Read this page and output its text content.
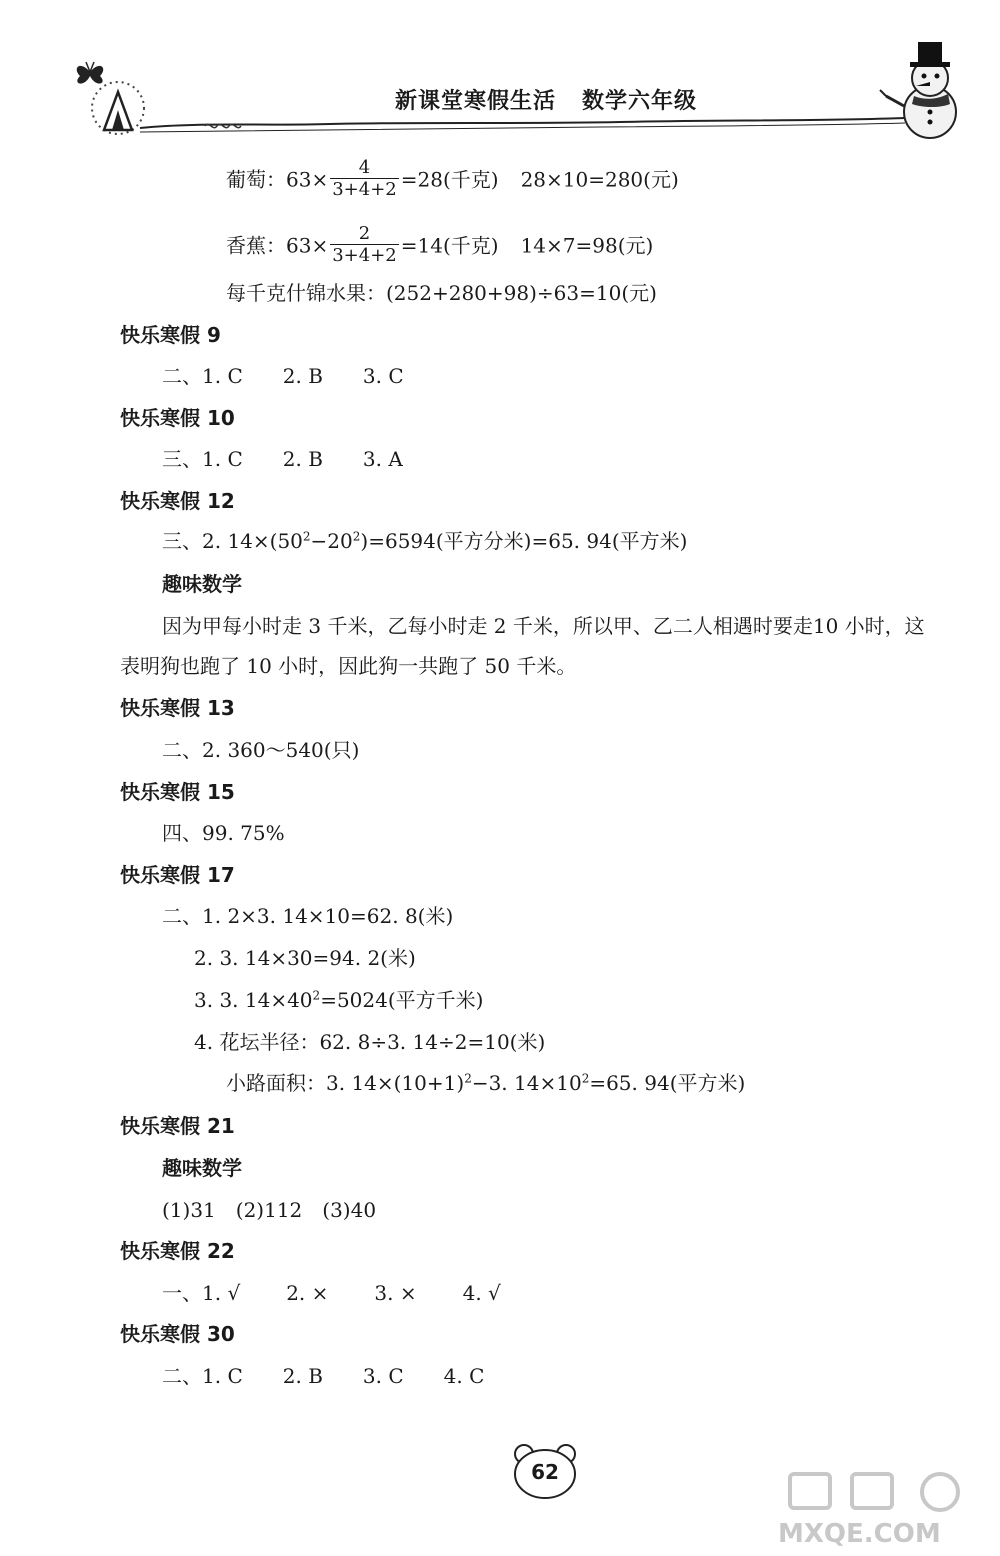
新课堂寒假生活 数学六年级
葡萄：$63\times \frac{4}{3+4+2} =28$(千克) 28×10=280(元)
香蕉：$63\times \frac{2}{3+4+2} =14$(千克) 14×7=98(元)
每千克什锦水果：(252+280+98)÷63=10(元)
快乐寒假 9
二、1. C 2. B 3. C
快乐寒假 10
三、1. C 2. B 3. A
快乐寒假 12
三、2. $14\times(50^2-20^2)=6594$(平方分米)=65. 94(平方米)
趣味数学
因为甲每小时走 3 千米，乙每小时走 2 千米，所以甲、乙二人相遇时要走10 小时，这
表明狗也跑了 10 小时，因此狗一共跑了 50 千米。
快乐寒假 13
二、2. 360～540(只)
快乐寒假 15
四、99. 75%
快乐寒假 17
二、1. 2×3. 14×10=62. 8(米)
2. 3. 14×30=94. 2(米)
3. 3. $14\times 40^2=5024$(平方千米)
4. 花坛半径：62. 8÷3. 14÷2=10(米)
小路面积：3. $14\times(10+1)^2-3$. $14\times 10^2=65$. 94(平方米)
快乐寒假 21
趣味数学
(1)31　(2)112　(3)40
快乐寒假 22
一、1. √ 2. × 3. × 4. √
快乐寒假 30
二、1. C 2. B 3. C 4. C
62
MXQE.COM
